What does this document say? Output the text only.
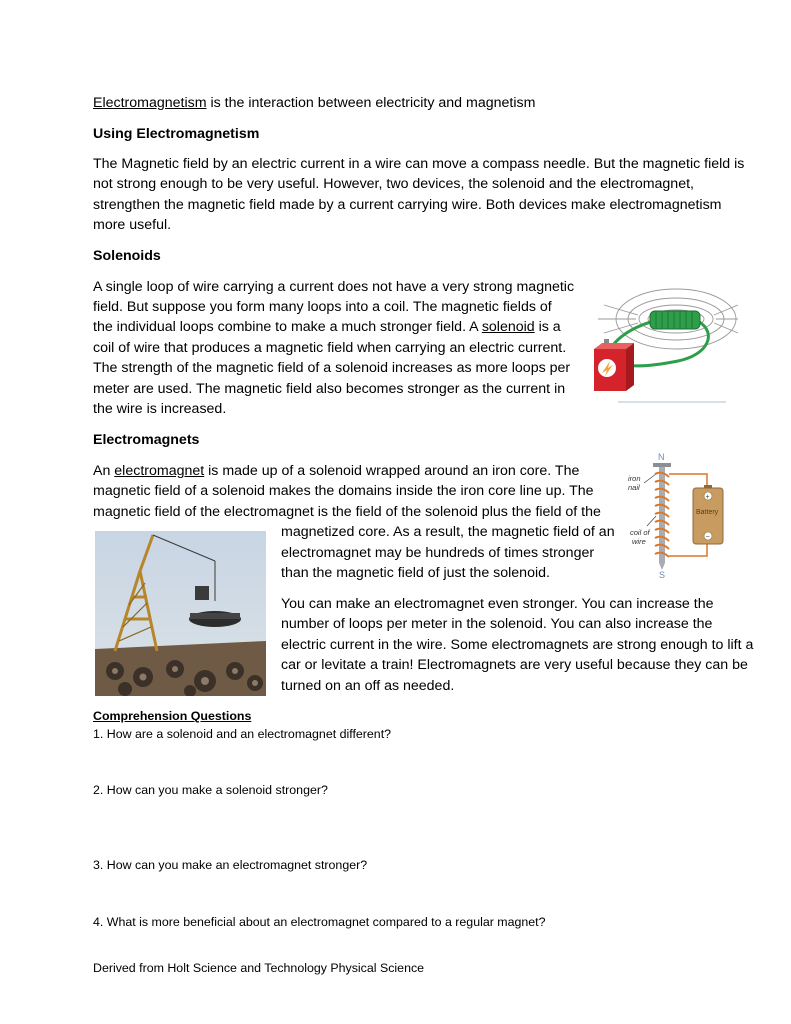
Electromagnetism is the interaction between electricity and magnetism
Using Electromagnetism
The Magnetic field by an electric current in a wire can move a compass needle. But the magnetic field is
not strong enough to be very useful. However, two devices, the solenoid and the electromagnet,
strengthen the magnetic field made by a current carrying wire. Both devices make electromagnetism
more useful.
Solenoids
A single loop of wire carrying a current does not have a very strong magnetic
field. But suppose you form many loops into a coil. The magnetic fields of
the individual loops combine to make a much stronger field. A solenoid is a
coil of wire that produces a magnetic field when carrying an electric current.
The strength of the magnetic field of a solenoid increases as more loops per
meter are used. The magnetic field also becomes stronger as the current in
the wire is increased.
Electromagnets
An electromagnet is made up of a solenoid wrapped around an iron core. The
magnetic field of a solenoid makes the domains inside the iron core line up. The
magnetic field of the electromagnet is the field of the solenoid plus the field of the
magnetized core. As a result, the magnetic field of an
electromagnet may be hundreds of times stronger
than the magnetic field of just the solenoid.
You can make an electromagnet even stronger. You can increase the
number of loops per meter in the solenoid. You can also increase the
electric current in the wire. Some electromagnets are strong enough to lift a
car or levitate a train! Electromagnets are very useful because they can be
turned on an off as needed.
N
S
iron
nail
coil of
wire
+
Battery
−
Comprehension Questions
1. How are a solenoid and an electromagnet different?
2. How can you make a solenoid stronger?
3. How can you make an electromagnet stronger?
4. What is more beneficial about an electromagnet compared to a regular magnet?
Derived from Holt Science and Technology Physical Science
